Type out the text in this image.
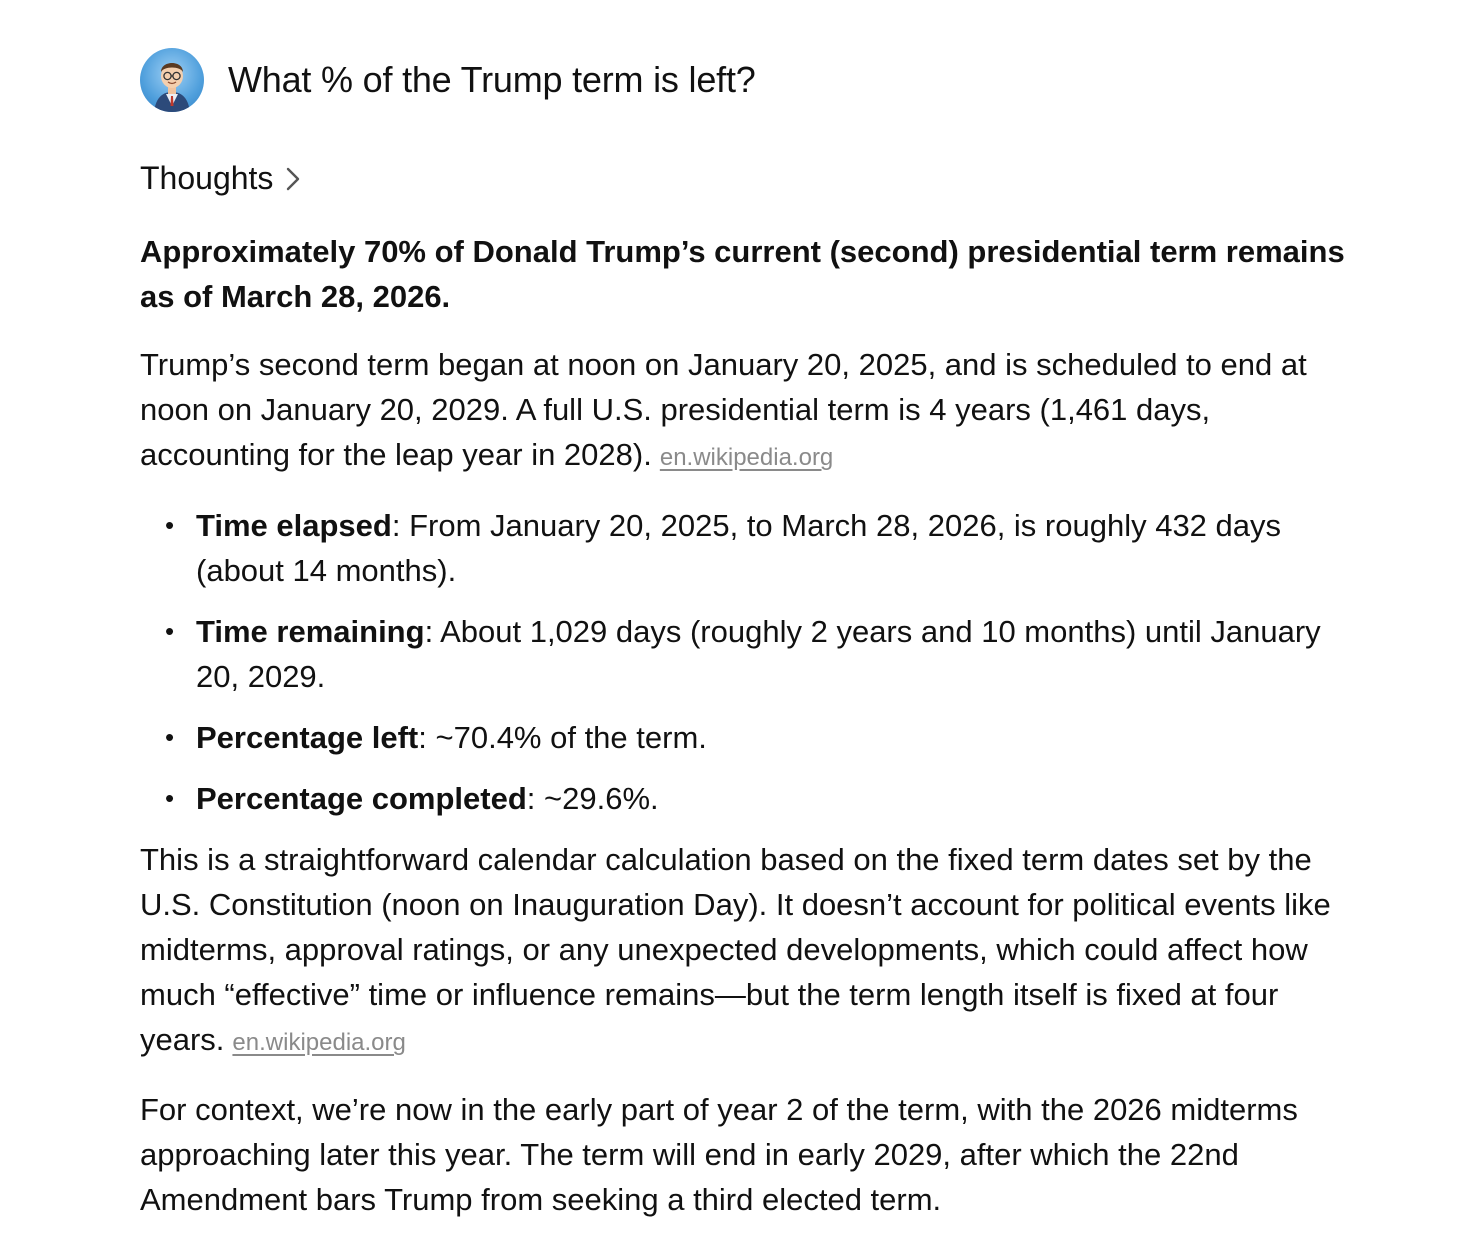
What % of the Trump term is left?
Thoughts

Approximately 70% of Donald Trump’s current (second) presidential term remains as of March 28, 2026.

Trump’s second term began at noon on January 20, 2025, and is scheduled to end at noon on January 20, 2029. A full U.S. presidential term is 4 years (1,461 days, accounting for the leap year in 2028). en.wikipedia.org

• Time elapsed: From January 20, 2025, to March 28, 2026, is roughly 432 days (about 14 months).
• Time remaining: About 1,029 days (roughly 2 years and 10 months) until January 20, 2029.
• Percentage left: ~70.4% of the term.
• Percentage completed: ~29.6%.

This is a straightforward calendar calculation based on the fixed term dates set by the U.S. Constitution (noon on Inauguration Day). It doesn’t account for political events like midterms, approval ratings, or any unexpected developments, which could affect how much “effective” time or influence remains—but the term length itself is fixed at four years. en.wikipedia.org

For context, we’re now in the early part of year 2 of the term, with the 2026 midterms approaching later this year. The term will end in early 2029, after which the 22nd Amendment bars Trump from seeking a third elected term.
